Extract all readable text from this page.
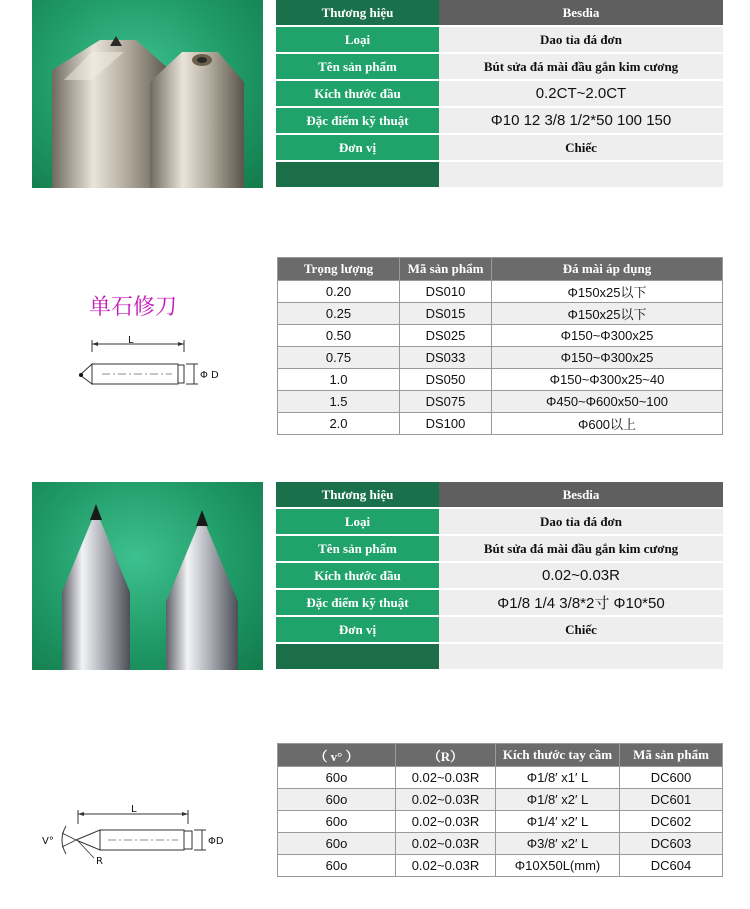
Thương hiệu	Besdia
Loại	Dao tỉa đá đơn
Tên sản phẩm	Bút sửa đá mài đầu gắn kim cương
Kích thước đầu	0.2CT~2.0CT
Đặc điểm kỹ thuật	Φ10 12 3/8 1/2*50 100 150
Đơn vị	Chiếc

单石修刀
L
Φ D
Trọng lượng	Mã sản phẩm	Đá mài áp dụng
0.20	DS010	Φ150x25以下
0.25	DS015	Φ150x25以下
0.50	DS025	Φ150~Φ300x25
0.75	DS033	Φ150~Φ300x25
1.0	DS050	Φ150~Φ300x25~40
1.5	DS075	Φ450~Φ600x50~100
2.0	DS100	Φ600以上
Thương hiệu	Besdia
Loại	Dao tỉa đá đơn
Tên sản phẩm	Bút sửa đá mài đầu gắn kim cương
Kích thước đầu	0.02~0.03R
Đặc điểm kỹ thuật	Φ1/8 1/4 3/8*2寸 Φ10*50
Đơn vị	Chiếc

L
V°
R
ΦD
（ v° ）	（R）	Kích thước tay cầm	Mã sản phẩm
60o	0.02~0.03R	Φ1/8′ x1′ L	DC600
60o	0.02~0.03R	Φ1/8′ x2′ L	DC601
60o	0.02~0.03R	Φ1/4′ x2′ L	DC602
60o	0.02~0.03R	Φ3/8′ x2′ L	DC603
60o	0.02~0.03R	Φ10X50L(mm)	DC604
